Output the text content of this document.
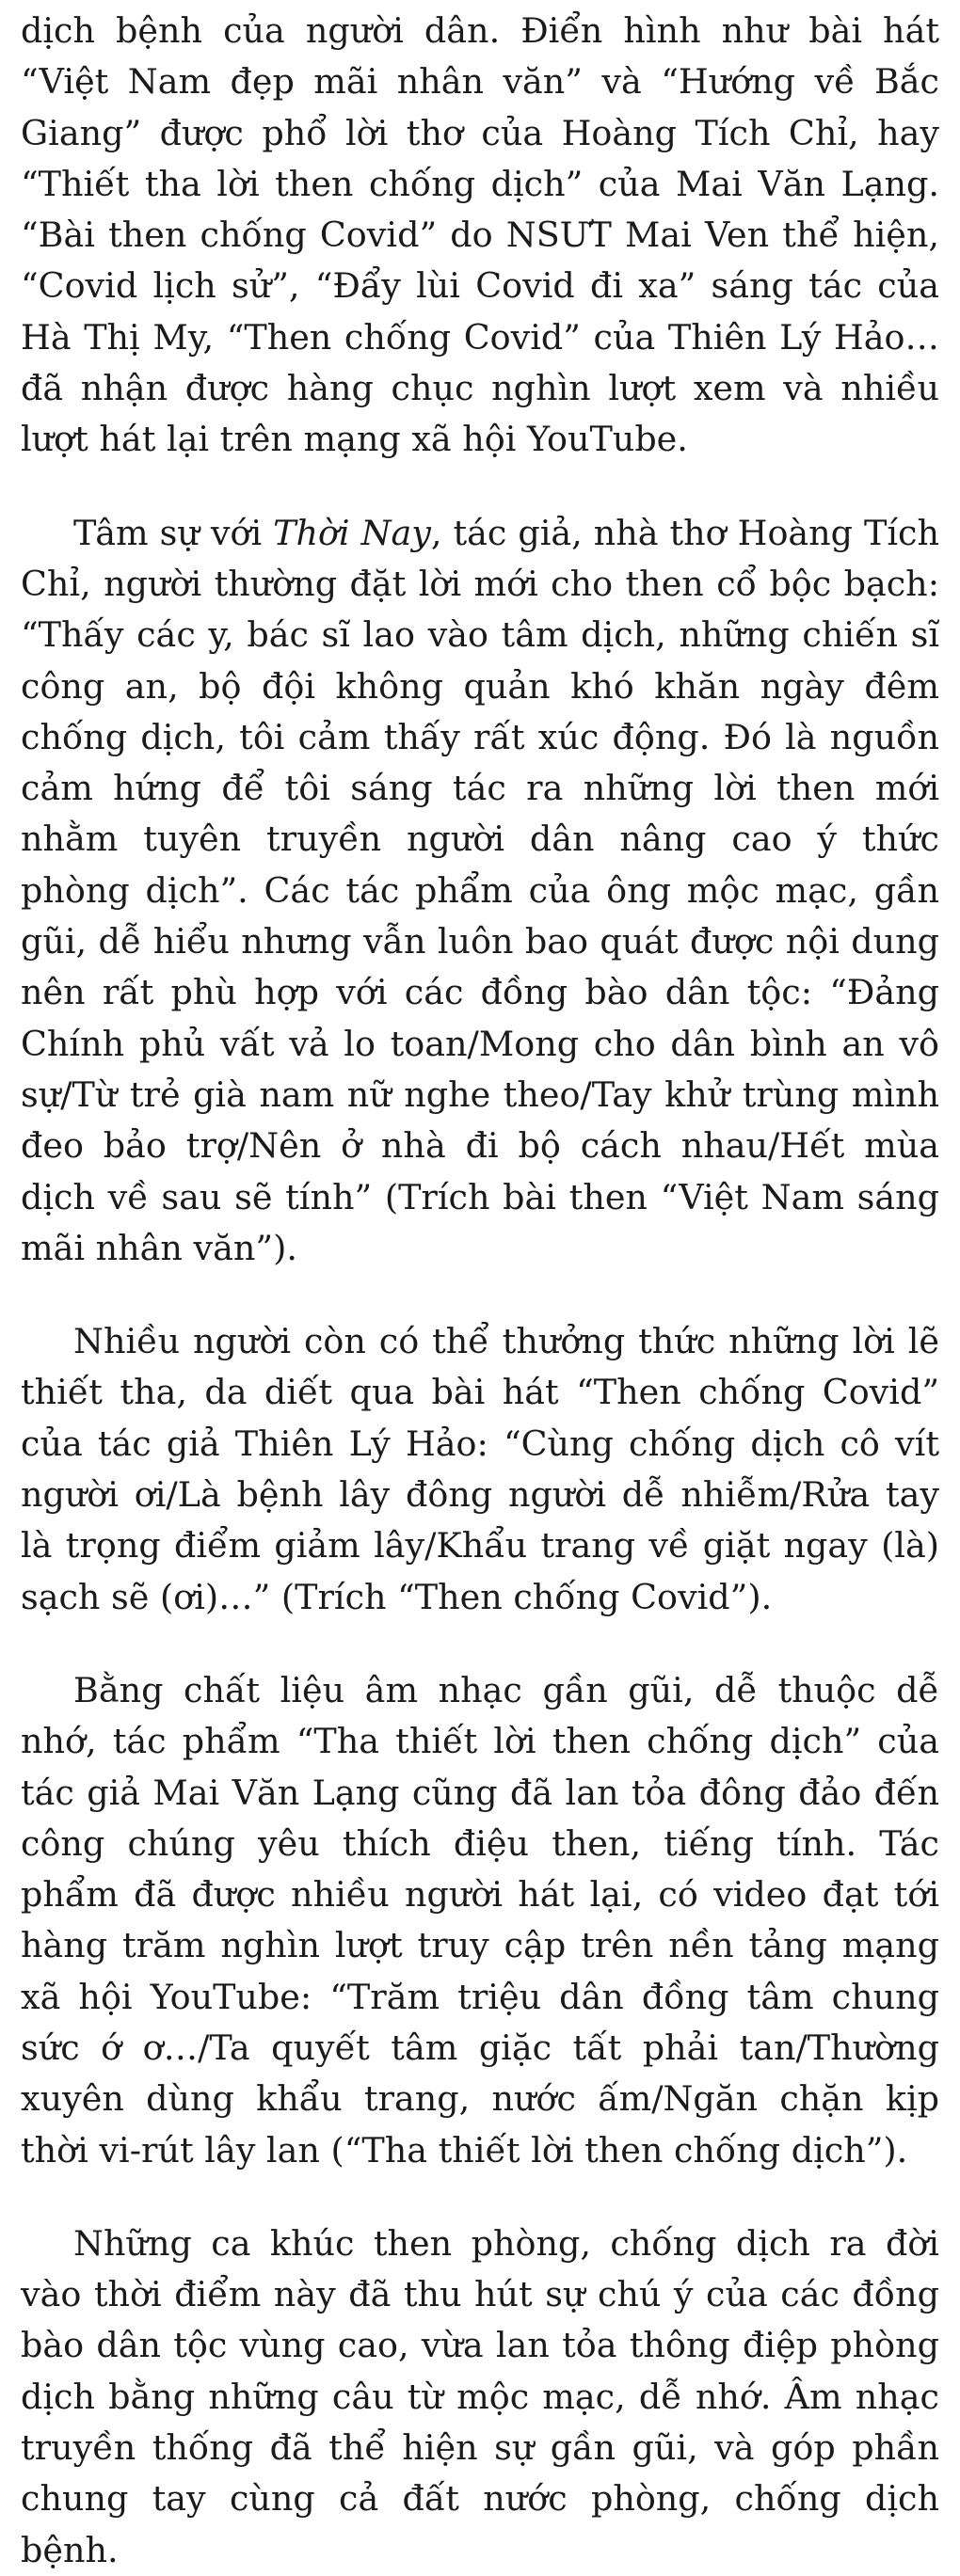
dịch bệnh của người dân. Điển hình như bài hát “Việt Nam đẹp mãi nhân văn” và “Hướng về Bắc Giang” được phổ lời thơ của Hoàng Tích Chỉ, hay “Thiết tha lời then chống dịch” của Mai Văn Lạng. “Bài then chống Covid” do NSƯT Mai Ven thể hiện, “Covid lịch sử”, “Đẩy lùi Covid đi xa” sáng tác của Hà Thị My, “Then chống Covid” của Thiên Lý Hảo… đã nhận được hàng chục nghìn lượt xem và nhiều lượt hát lại trên mạng xã hội YouTube.

Tâm sự với Thời Nay, tác giả, nhà thơ Hoàng Tích Chỉ, người thường đặt lời mới cho then cổ bộc bạch: “Thấy các y, bác sĩ lao vào tâm dịch, những chiến sĩ công an, bộ đội không quản khó khăn ngày đêm chống dịch, tôi cảm thấy rất xúc động. Đó là nguồn cảm hứng để tôi sáng tác ra những lời then mới nhằm tuyên truyền người dân nâng cao ý thức phòng dịch”. Các tác phẩm của ông mộc mạc, gần gũi, dễ hiểu nhưng vẫn luôn bao quát được nội dung nên rất phù hợp với các đồng bào dân tộc: “Đảng Chính phủ vất vả lo toan/Mong cho dân bình an vô sự/Từ trẻ già nam nữ nghe theo/Tay khử trùng mình đeo bảo trợ/Nên ở nhà đi bộ cách nhau/Hết mùa dịch về sau sẽ tính” (Trích bài then “Việt Nam sáng mãi nhân văn”).

Nhiều người còn có thể thưởng thức những lời lẽ thiết tha, da diết qua bài hát “Then chống Covid” của tác giả Thiên Lý Hảo: “Cùng chống dịch cô vít người ơi/Là bệnh lây đông người dễ nhiễm/Rửa tay là trọng điểm giảm lây/Khẩu trang về giặt ngay (là) sạch sẽ (ơi)…” (Trích “Then chống Covid”).

Bằng chất liệu âm nhạc gần gũi, dễ thuộc dễ nhớ, tác phẩm “Tha thiết lời then chống dịch” của tác giả Mai Văn Lạng cũng đã lan tỏa đông đảo đến công chúng yêu thích điệu then, tiếng tính. Tác phẩm đã được nhiều người hát lại, có video đạt tới hàng trăm nghìn lượt truy cập trên nền tảng mạng xã hội YouTube: “Trăm triệu dân đồng tâm chung sức ớ ơ…/Ta quyết tâm giặc tất phải tan/Thường xuyên dùng khẩu trang, nước ấm/Ngăn chặn kịp thời vi-rút lây lan (“Tha thiết lời then chống dịch”).

Những ca khúc then phòng, chống dịch ra đời vào thời điểm này đã thu hút sự chú ý của các đồng bào dân tộc vùng cao, vừa lan tỏa thông điệp phòng dịch bằng những câu từ mộc mạc, dễ nhớ. Âm nhạc truyền thống đã thể hiện sự gần gũi, và góp phần chung tay cùng cả đất nước phòng, chống dịch bệnh.
